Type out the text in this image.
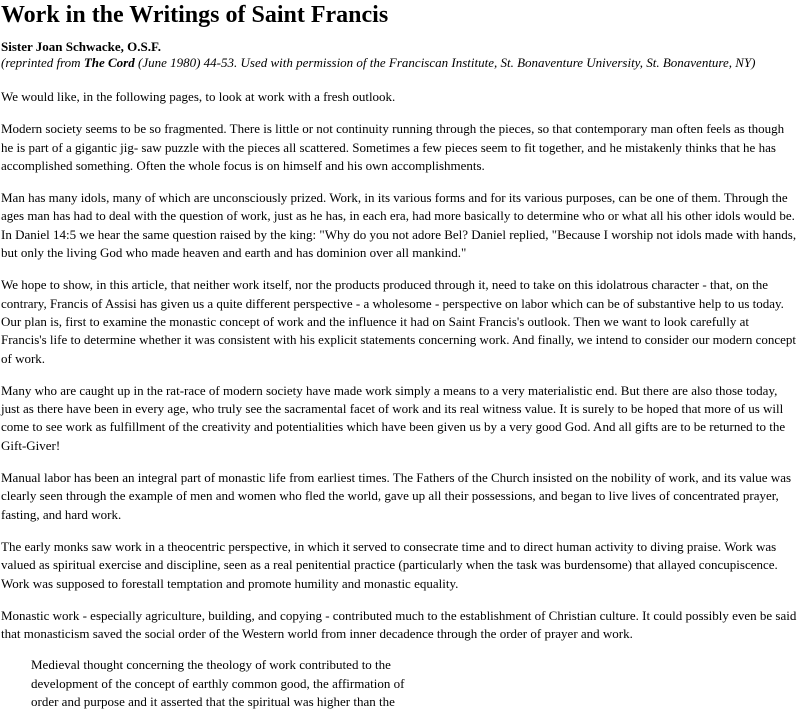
Work in the Writings of Saint Francis
Sister Joan Schwacke, O.S.F.
(reprinted from The Cord (June 1980) 44-53. Used with permission of the Franciscan Institute, St. Bonaventure University, St. Bonaventure, NY)

We would like, in the following pages, to look at work with a fresh outlook.

Modern society seems to be so fragmented. There is little or not continuity running through the pieces, so that contemporary man often feels as though he is part of a gigantic jig- saw puzzle with the pieces all scattered. Sometimes a few pieces seem to fit together, and he mistakenly thinks that he has accomplished something. Often the whole focus is on himself and his own accomplishments.

Man has many idols, many of which are unconsciously prized. Work, in its various forms and for its various purposes, can be one of them. Through the ages man has had to deal with the question of work, just as he has, in each era, had more basically to determine who or what all his other idols would be. In Daniel 14:5 we hear the same question raised by the king: "Why do you not adore Bel? Daniel replied, "Because I worship not idols made with hands, but only the living God who made heaven and earth and has dominion over all mankind."

We hope to show, in this article, that neither work itself, nor the products produced through it, need to take on this idolatrous character - that, on the contrary, Francis of Assisi has given us a quite different perspective - a wholesome - perspective on labor which can be of substantive help to us today. Our plan is, first to examine the monastic concept of work and the influence it had on Saint Francis's outlook. Then we want to look carefully at Francis's life to determine whether it was consistent with his explicit statements concerning work. And finally, we intend to consider our modern concept of work.

Many who are caught up in the rat-race of modern society have made work simply a means to a very materialistic end. But there are also those today, just as there have been in every age, who truly see the sacramental facet of work and its real witness value. It is surely to be hoped that more of us will come to see work as fulfillment of the creativity and potentialities which have been given us by a very good God. And all gifts are to be returned to the Gift-Giver!

Manual labor has been an integral part of monastic life from earliest times. The Fathers of the Church insisted on the nobility of work, and its value was clearly seen through the example of men and women who fled the world, gave up all their possessions, and began to live lives of concentrated prayer, fasting, and hard work.

The early monks saw work in a theocentric perspective, in which it served to consecrate time and to direct human activity to diving praise. Work was valued as spiritual exercise and discipline, seen as a real penitential practice (particularly when the task was burdensome) that allayed concupiscence. Work was supposed to forestall temptation and promote humility and monastic equality.

Monastic work - especially agriculture, building, and copying - contributed much to the establishment of Christian culture. It could possibly even be said that monasticism saved the social order of the Western world from inner decadence through the order of prayer and work.

Medieval thought concerning the theology of work contributed to the development of the concept of earthly common good, the affirmation of order and purpose and it asserted that the spiritual was higher than the
